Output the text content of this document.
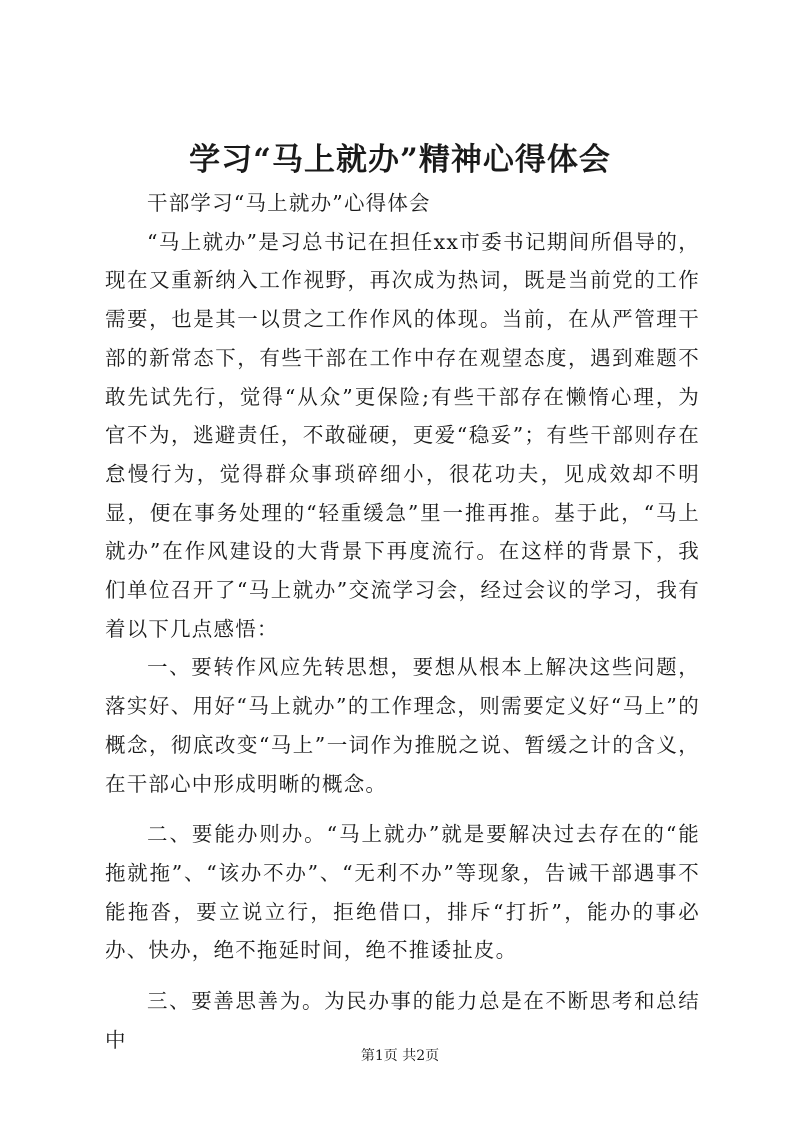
学习“马上就办”精神心得体会

干部学习“马上就办”心得体会

“马上就办”是习总书记在担任xx市委书记期间所倡导的，现在又重新纳入工作视野，再次成为热词，既是当前党的工作需要，也是其一以贯之工作作风的体现。当前，在从严管理干部的新常态下，有些干部在工作中存在观望态度，遇到难题不敢先试先行，觉得“从众”更保险;有些干部存在懒惰心理，为官不为，逃避责任，不敢碰硬，更爱“稳妥”；有些干部则存在怠慢行为，觉得群众事琐碎细小，很花功夫，见成效却不明显，便在事务处理的“轻重缓急”里一推再推。基于此，“马上就办”在作风建设的大背景下再度流行。在这样的背景下，我们单位召开了“马上就办”交流学习会，经过会议的学习，我有着以下几点感悟：

一、要转作风应先转思想，要想从根本上解决这些问题，落实好、用好“马上就办”的工作理念，则需要定义好“马上”的概念，彻底改变“马上”一词作为推脱之说、暂缓之计的含义，在干部心中形成明晰的概念。

二、要能办则办。“马上就办”就是要解决过去存在的“能拖就拖”、“该办不办”、“无利不办”等现象，告诫干部遇事不能拖沓，要立说立行，拒绝借口，排斥“打折”，能办的事必办、快办，绝不拖延时间，绝不推诿扯皮。

三、要善思善为。为民办事的能力总是在不断思考和总结中

第1页 共2页
